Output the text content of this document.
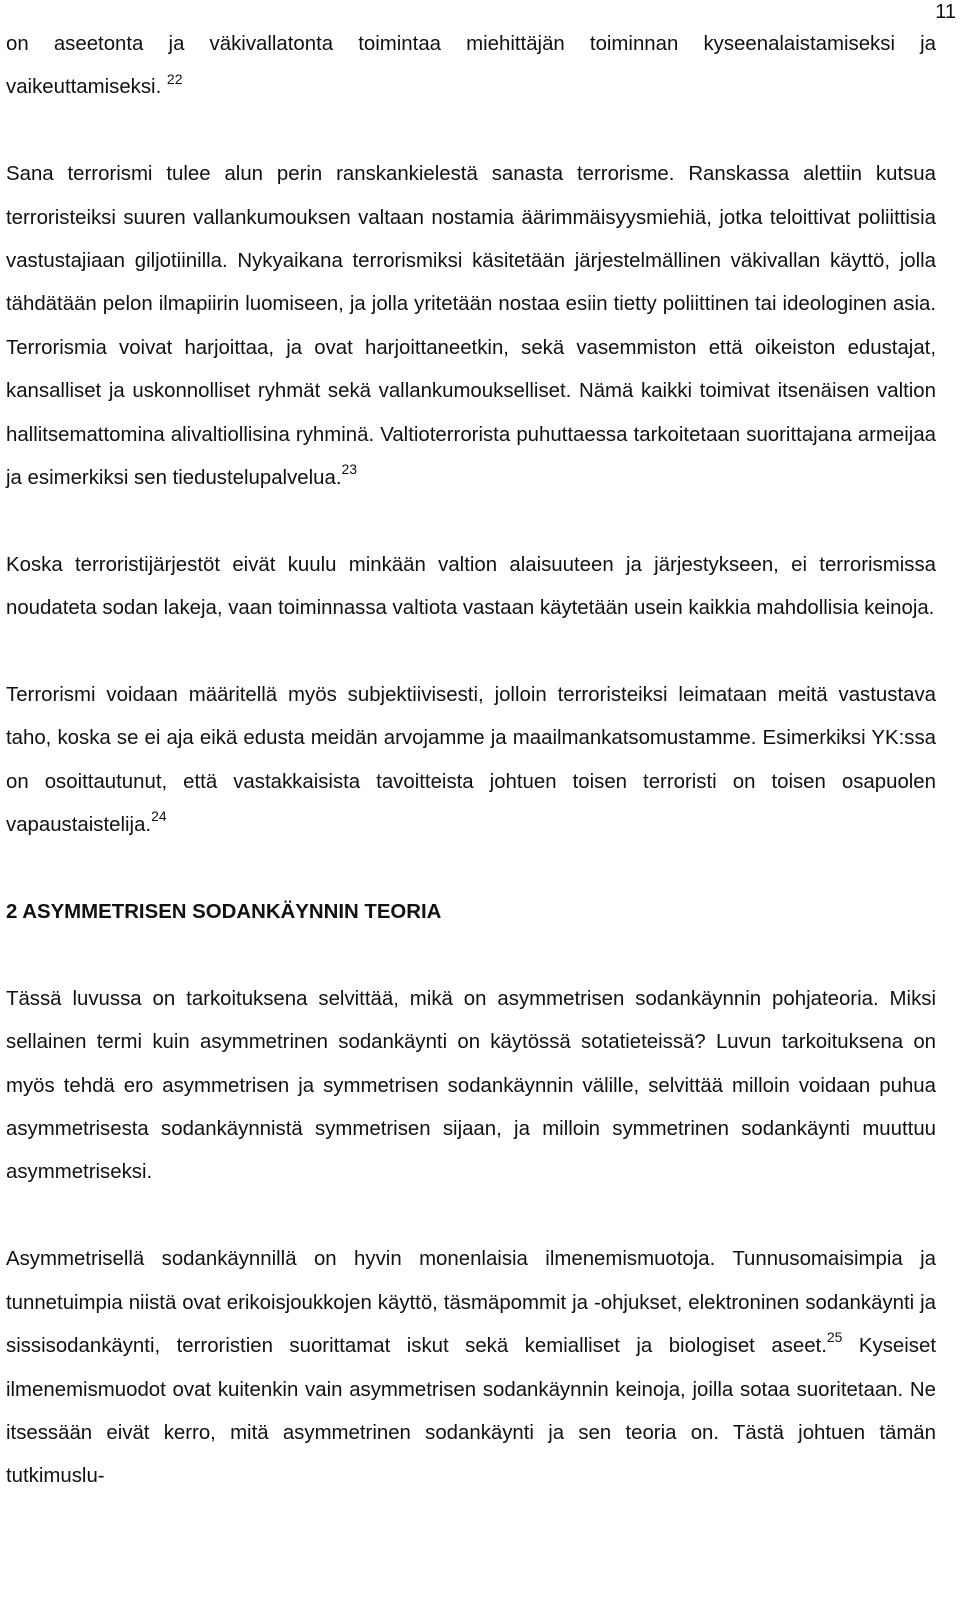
11

on aseetonta ja väkivallatonta toimintaa miehittäjän toiminnan kyseenalaistamiseksi ja vaikeuttamiseksi. $^{22}$

Sana terrorismi tulee alun perin ranskankielestä sanasta terrorisme. Ranskassa alettiin kutsua terroristeiksi suuren vallankumouksen valtaan nostamia äärimmäisyysmiehiä, jotka teloittivat poliittisia vastustajiaan giljotiinilla. Nykyaikana terrorismiksi käsitetään järjestelmällinen väkivallan käyttö, jolla tähdätään pelon ilmapiirin luomiseen, ja jolla yritetään nostaa esiin tietty poliittinen tai ideologinen asia. Terrorismia voivat harjoittaa, ja ovat harjoittaneetkin, sekä vasemmiston että oikeiston edustajat, kansalliset ja uskonnolliset ryhmät sekä vallankumoukselliset. Nämä kaikki toimivat itsenäisen valtion hallitsemattomina alivaltiollisina ryhminä. Valtioterrorista puhuttaessa tarkoitetaan suorittajana armeijaa ja esimerkiksi sen tiedustelupalvelua.$^{23}$

Koska terroristijärjestöt eivät kuulu minkään valtion alaisuuteen ja järjestykseen, ei terrorismissa noudateta sodan lakeja, vaan toiminnassa valtiota vastaan käytetään usein kaikkia mahdollisia keinoja.

Terrorismi voidaan määritellä myös subjektiivisesti, jolloin terroristeiksi leimataan meitä vastustava taho, koska se ei aja eikä edusta meidän arvojamme ja maailmankatsomustamme. Esimerkiksi YK:ssa on osoittautunut, että vastakkaisista tavoitteista johtuen toisen terroristi on toisen osapuolen vapaustaistelija.$^{24}$

2 ASYMMETRISEN SODANKÄYNNIN TEORIA

Tässä luvussa on tarkoituksena selvittää, mikä on asymmetrisen sodankäynnin pohjateoria. Miksi sellainen termi kuin asymmetrinen sodankäynti on käytössä sotatieteissä? Luvun tarkoituksena on myös tehdä ero asymmetrisen ja symmetrisen sodankäynnin välille, selvittää milloin voidaan puhua asymmetrisesta sodankäynnistä symmetrisen sijaan, ja milloin symmetrinen sodankäynti muuttuu asymmetriseksi.

Asymmetrisellä sodankäynnillä on hyvin monenlaisia ilmenemismuotoja. Tunnusomaisimpia ja tunnetuimpia niistä ovat erikoisjoukkojen käyttö, täsmäpommit ja -ohjukset, elektroninen sodankäynti ja sissisodankäynti, terroristien suorittamat iskut sekä kemialliset ja biologiset aseet.$^{25}$ Kyseiset ilmenemismuodot ovat kuitenkin vain asymmetrisen sodankäynnin keinoja, joilla sotaa suoritetaan. Ne itsessään eivät kerro, mitä asymmetrinen sodankäynti ja sen teoria on. Tästä johtuen tämän tutkimuslu-
